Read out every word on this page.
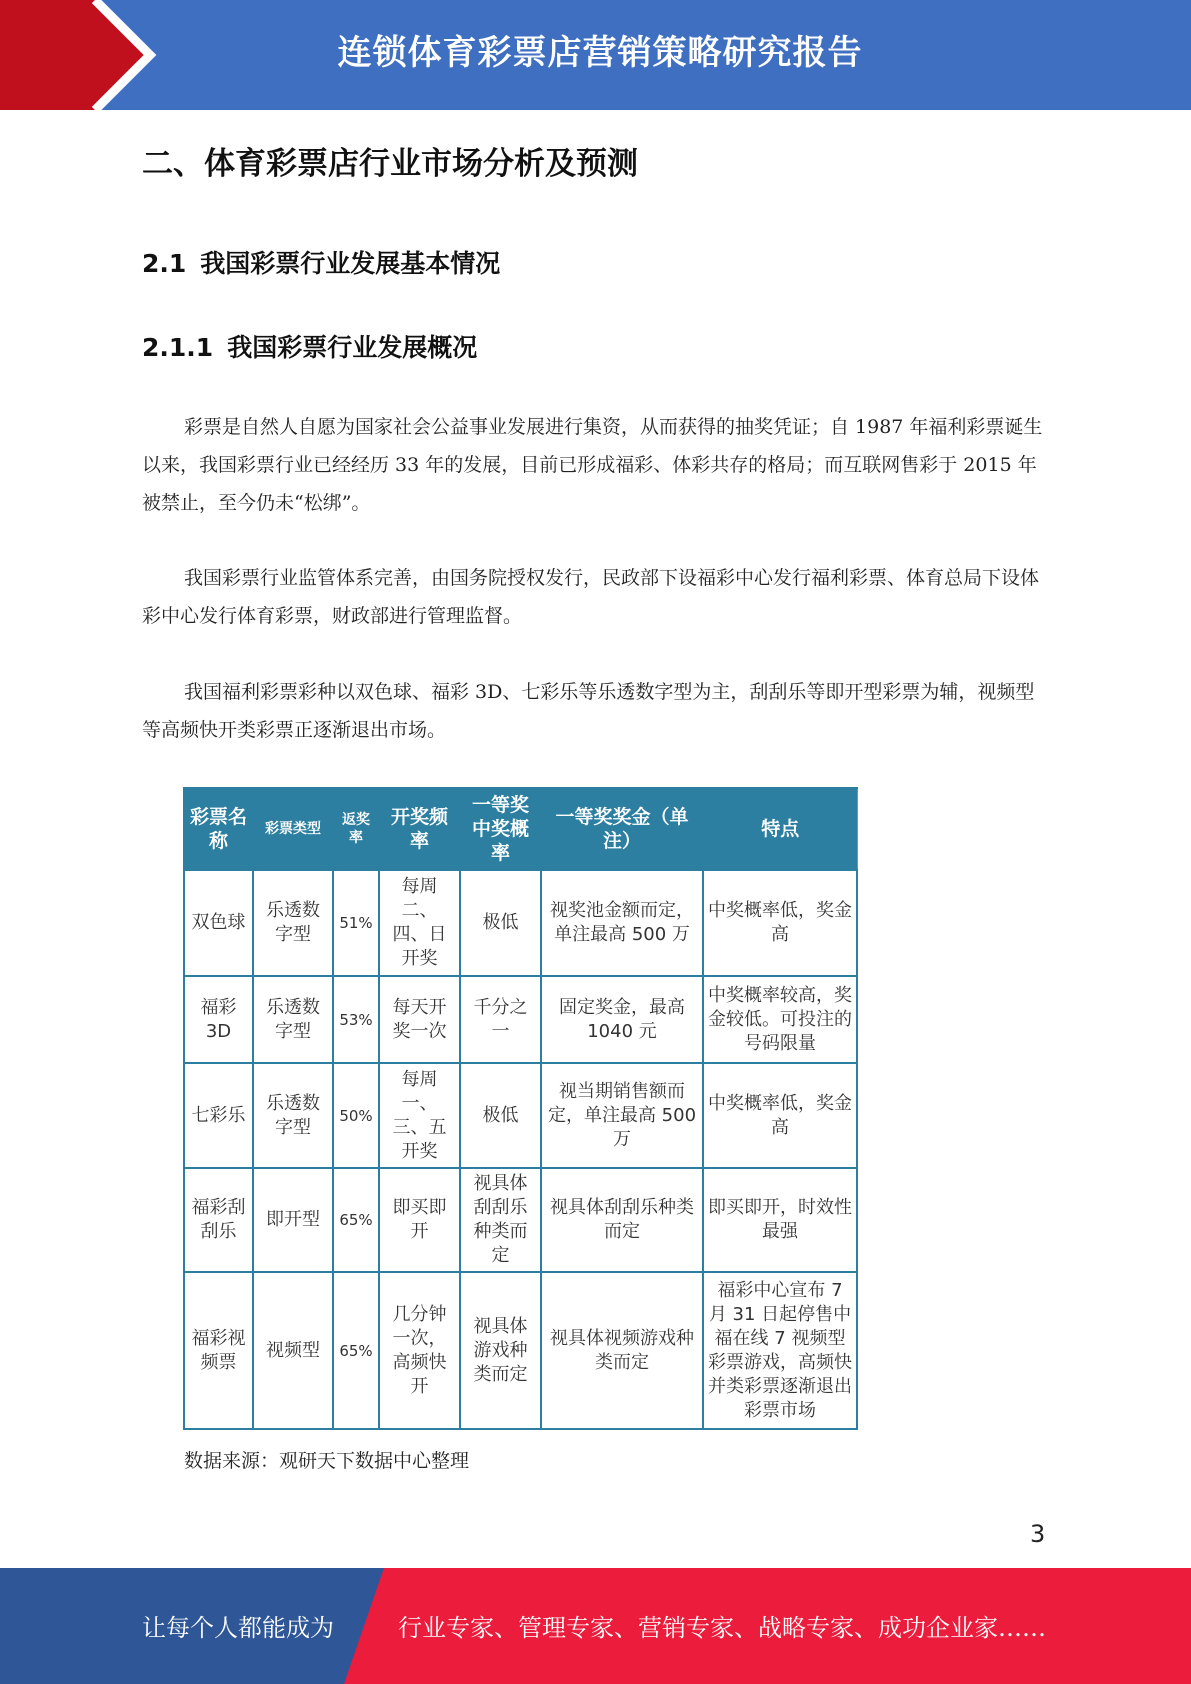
连锁体育彩票店营销策略研究报告
二、体育彩票店行业市场分析及预测
2.1 我国彩票行业发展基本情况
2.1.1 我国彩票行业发展概况

彩票是自然人自愿为国家社会公益事业发展进行集资，从而获得的抽奖凭证；自 1987 年福利彩票诞生以来，我国彩票行业已经经历 33 年的发展，目前已形成福彩、体彩共存的格局；而互联网售彩于 2015 年被禁止，至今仍未“松绑”。

我国彩票行业监管体系完善，由国务院授权发行，民政部下设福彩中心发行福利彩票、体育总局下设体彩中心发行体育彩票，财政部进行管理监督。

我国福利彩票彩种以双色球、福彩 3D、七彩乐等乐透数字型为主，刮刮乐等即开型彩票为辅，视频型等高频快开类彩票正逐渐退出市场。

彩票名称	彩票类型	返奖率	开奖频率	一等奖中奖概率	一等奖奖金（单注）	特点
双色球	乐透数字型	51%	每周二、四、日开奖	极低	视奖池金额而定，单注最高 500 万	中奖概率低，奖金高
福彩 3D	乐透数字型	53%	每天开奖一次	千分之一	固定奖金，最高 1040 元	中奖概率较高，奖金较低。可投注的号码限量
七彩乐	乐透数字型	50%	每周一、三、五开奖	极低	视当期销售额而定，单注最高 500 万	中奖概率低，奖金高
福彩刮刮乐	即开型	65%	即买即开	视具体刮刮乐种类而定	视具体刮刮乐种类而定	即买即开，时效性最强
福彩视频票	视频型	65%	几分钟一次，高频快开	视具体游戏种类而定	视具体视频游戏种类而定	福彩中心宣布 7 月 31 日起停售中福在线 7 视频型彩票游戏，高频快并类彩票逐渐退出彩票市场
数据来源：观研天下数据中心整理
3
让每个人都能成为	行业专家、管理专家、营销专家、战略专家、成功企业家……
